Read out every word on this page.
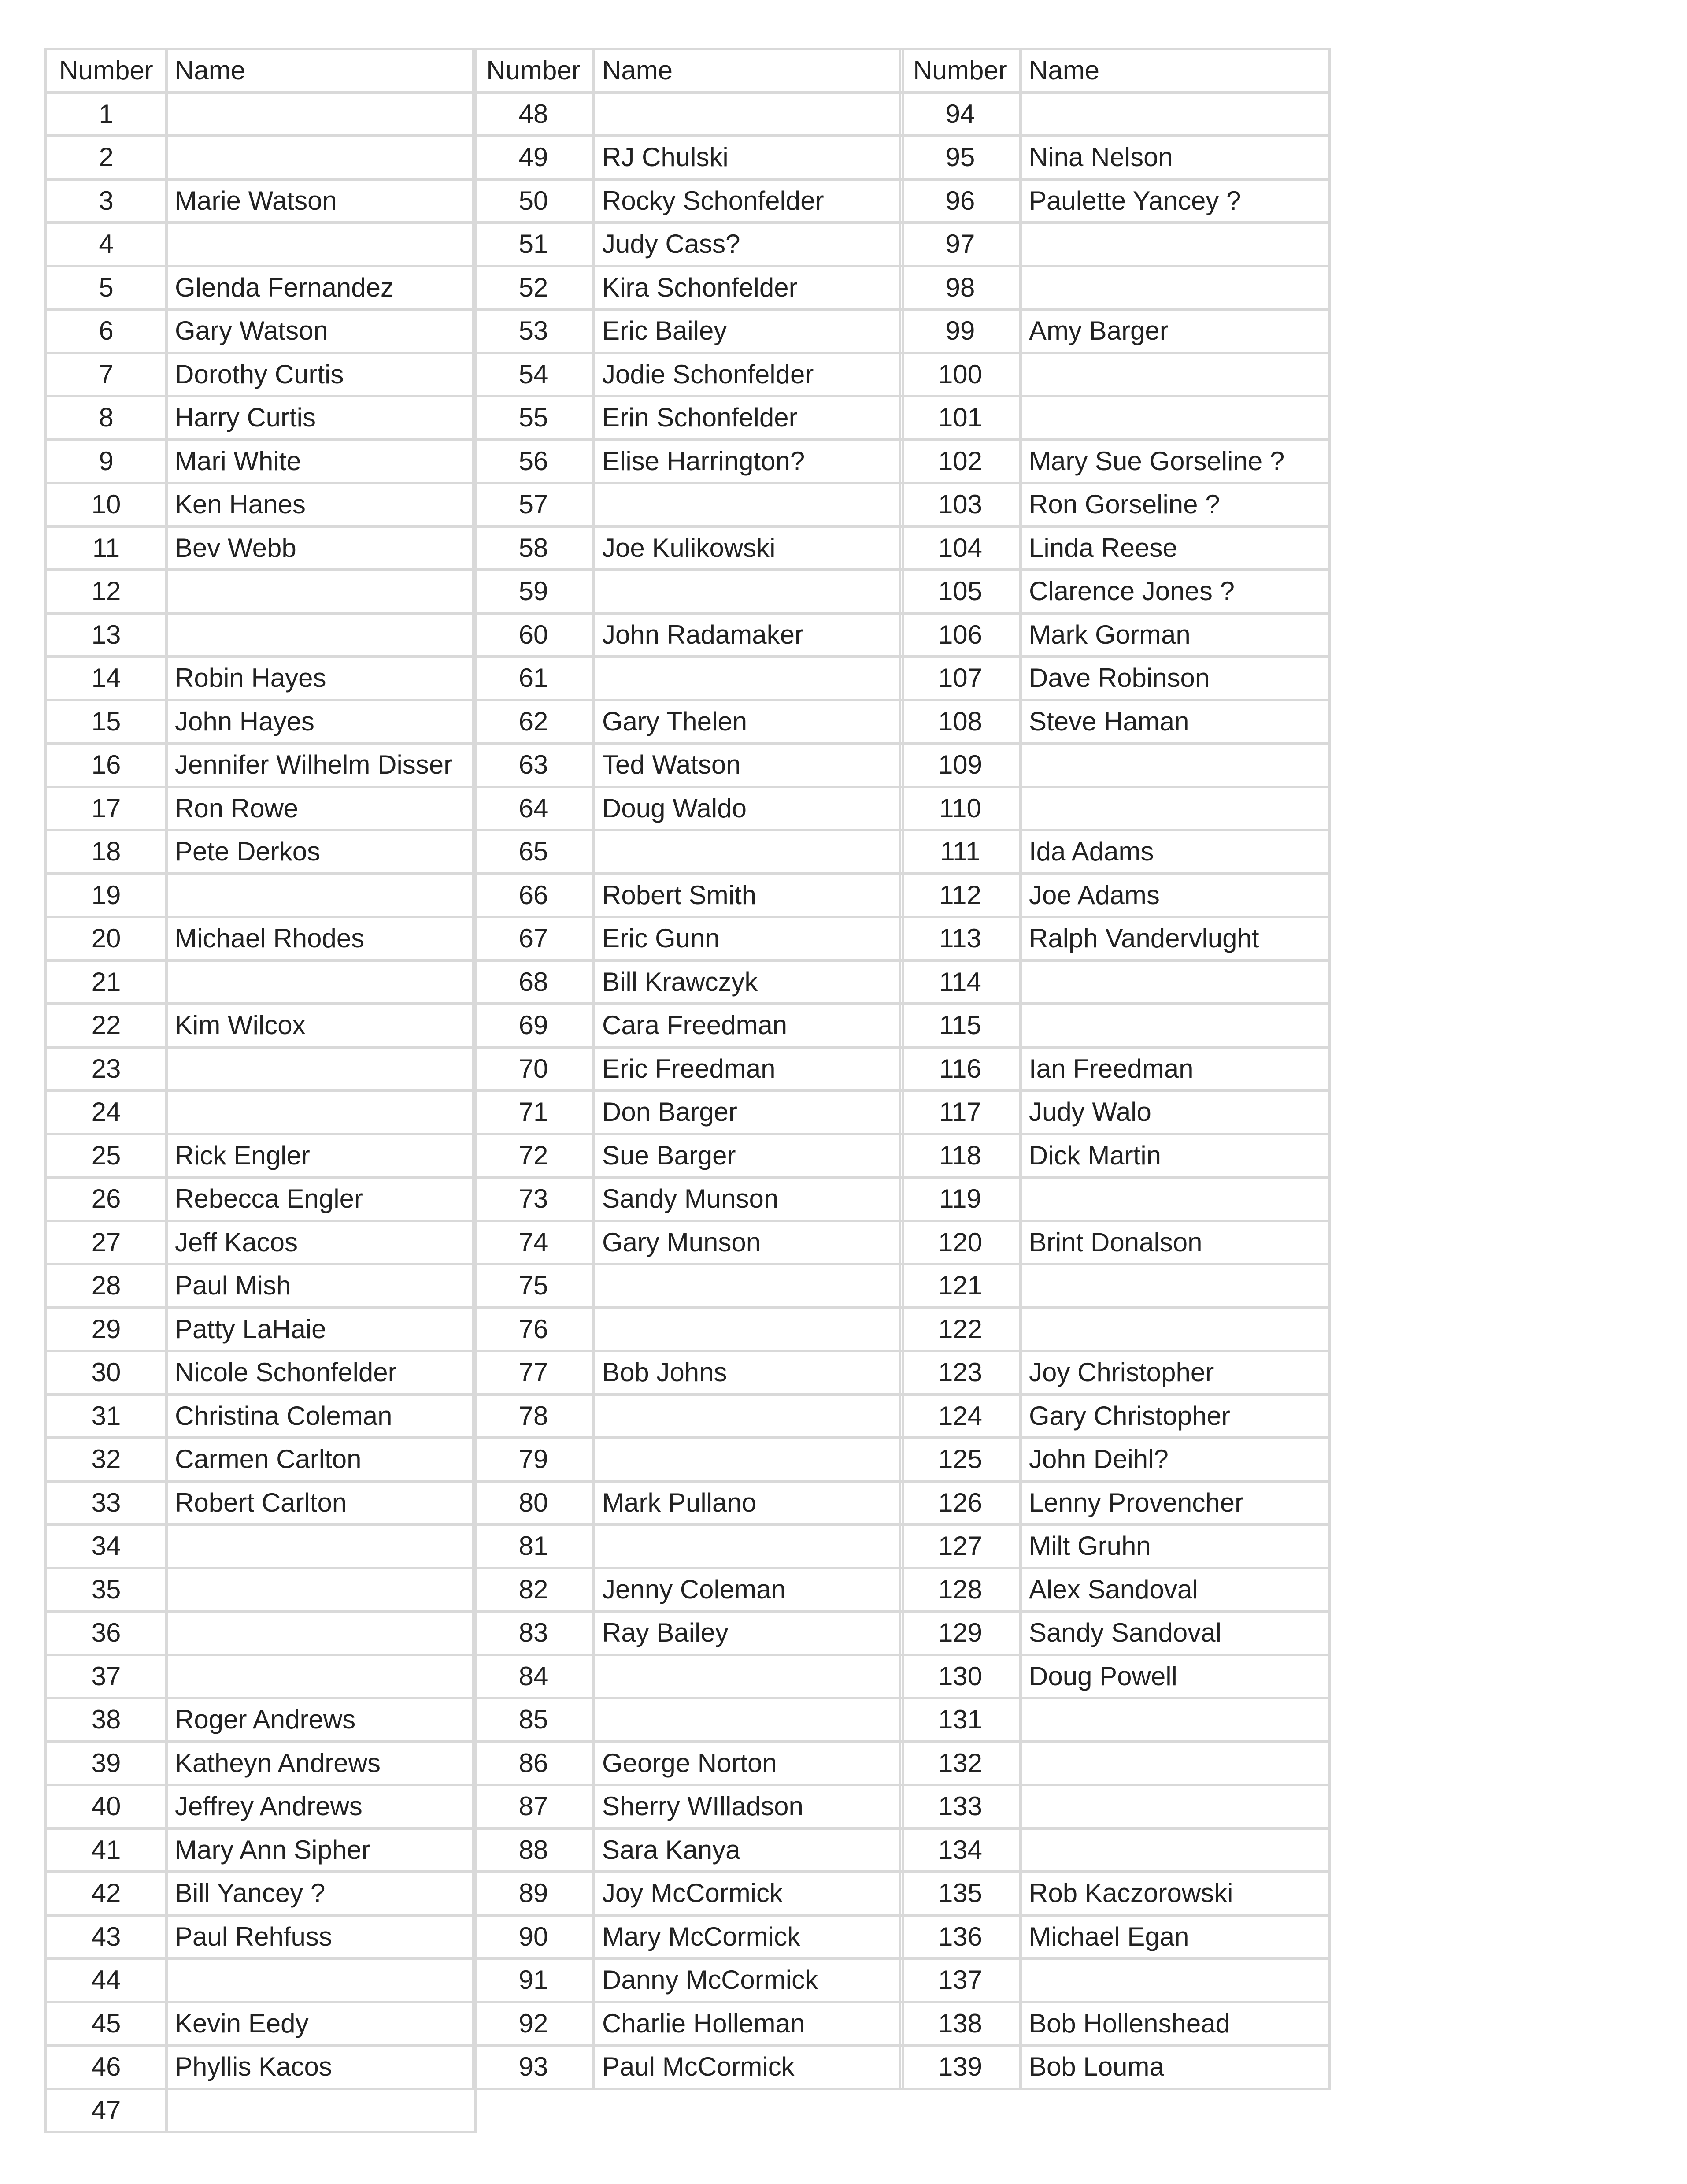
Number	Name
1	
2	
3	Marie Watson
4	
5	Glenda Fernandez
6	Gary Watson
7	Dorothy Curtis
8	Harry Curtis
9	Mari White
10	Ken Hanes
11	Bev Webb
12	
13	
14	Robin Hayes
15	John Hayes
16	Jennifer Wilhelm Disser
17	Ron Rowe
18	Pete Derkos
19	
20	Michael Rhodes
21	
22	Kim Wilcox
23	
24	
25	Rick Engler
26	Rebecca Engler
27	Jeff Kacos
28	Paul Mish
29	Patty LaHaie
30	Nicole Schonfelder
31	Christina Coleman
32	Carmen Carlton
33	Robert Carlton
34	
35	
36	
37	
38	Roger Andrews
39	Katheyn Andrews
40	Jeffrey Andrews
41	Mary Ann Sipher
42	Bill Yancey ?
43	Paul Rehfuss
44	
45	Kevin Eedy
46	Phyllis Kacos
47	
Number	Name
48	
49	RJ Chulski
50	Rocky Schonfelder
51	Judy Cass?
52	Kira Schonfelder
53	Eric Bailey
54	Jodie Schonfelder
55	Erin Schonfelder
56	Elise Harrington?
57	
58	Joe Kulikowski
59	
60	John Radamaker
61	
62	Gary Thelen
63	Ted Watson
64	Doug Waldo
65	
66	Robert Smith
67	Eric Gunn
68	Bill Krawczyk
69	Cara Freedman
70	Eric Freedman
71	Don Barger
72	Sue Barger
73	Sandy Munson
74	Gary Munson
75	
76	
77	Bob Johns
78	
79	
80	Mark Pullano
81	
82	Jenny Coleman
83	Ray Bailey
84	
85	
86	George Norton
87	Sherry WIlladson
88	Sara Kanya
89	Joy McCormick
90	Mary McCormick
91	Danny McCormick
92	Charlie Holleman
93	Paul McCormick
Number	Name
94	
95	Nina Nelson
96	Paulette Yancey ?
97	
98	
99	Amy Barger
100	
101	
102	Mary Sue Gorseline ?
103	Ron Gorseline ?
104	Linda Reese
105	Clarence Jones ?
106	Mark Gorman
107	Dave Robinson
108	Steve Haman
109	
110	
111	Ida Adams
112	Joe Adams
113	Ralph Vandervlught
114	
115	
116	Ian Freedman
117	Judy Walo
118	Dick Martin
119	
120	Brint Donalson
121	
122	
123	Joy Christopher
124	Gary Christopher
125	John Deihl?
126	Lenny Provencher
127	Milt Gruhn
128	Alex Sandoval
129	Sandy Sandoval
130	Doug Powell
131	
132	
133	
134	
135	Rob Kaczorowski
136	Michael Egan
137	
138	Bob Hollenshead
139	Bob Louma
